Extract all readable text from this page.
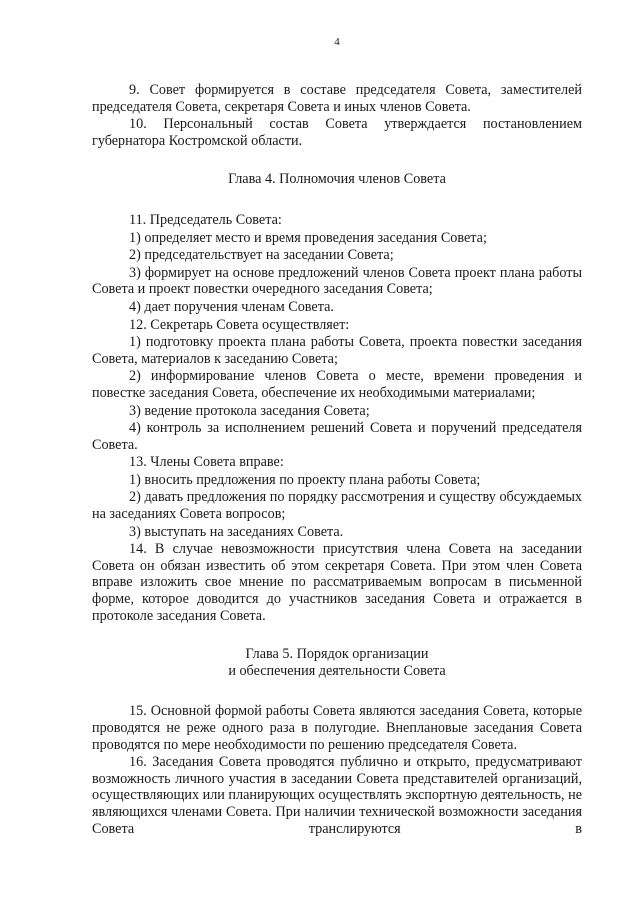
4

9. Совет формируется в составе председателя Совета, заместителей председателя Совета, секретаря Совета и иных членов Совета.

10. Персональный состав Совета утверждается постановлением губернатора Костромской области.

Глава 4. Полномочия членов Совета

11. Председатель Совета:

1) определяет место и время проведения заседания Совета;

2) председательствует на заседании Совета;

3) формирует на основе предложений членов Совета проект плана работы Совета и проект повестки очередного заседания Совета;

4) дает поручения членам Совета.

12. Секретарь Совета осуществляет:

1) подготовку проекта плана работы Совета, проекта повестки заседания Совета, материалов к заседанию Совета;

2) информирование членов Совета о месте, времени проведения и повестке заседания Совета, обеспечение их необходимыми материалами;

3) ведение протокола заседания Совета;

4) контроль за исполнением решений Совета и поручений председателя Совета.

13. Члены Совета вправе:

1) вносить предложения по проекту плана работы Совета;

2) давать предложения по порядку рассмотрения и существу обсуждаемых на заседаниях Совета вопросов;

3) выступать на заседаниях Совета.

14. В случае невозможности присутствия члена Совета на заседании Совета он обязан известить об этом секретаря Совета. При этом член Совета вправе изложить свое мнение по рассматриваемым вопросам в письменной форме, которое доводится до участников заседания Совета и отражается в протоколе заседания Совета.

Глава 5. Порядок организации
и обеспечения деятельности Совета

15. Основной формой работы Совета являются заседания Совета, которые проводятся не реже одного раза в полугодие. Внеплановые заседания Совета проводятся по мере необходимости по решению председателя Совета.

16. Заседания Совета проводятся публично и открыто, предусматривают возможность личного участия в заседании Совета представителей организаций, осуществляющих или планирующих осуществлять экспортную деятельность, не являющихся членами Совета. При наличии технической возможности заседания Совета транслируются в
